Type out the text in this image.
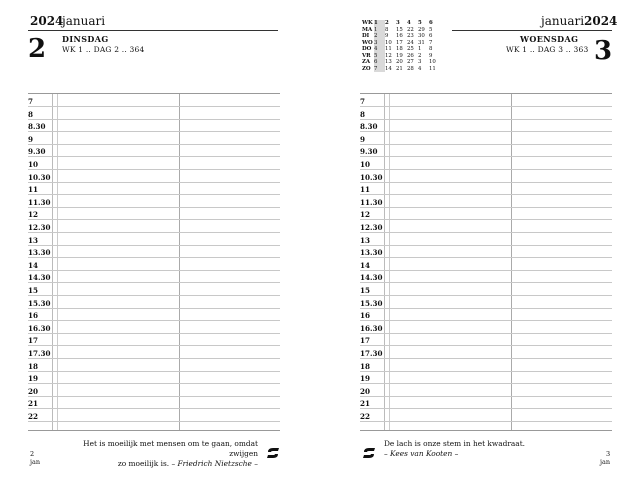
2024
januari
2 DINSDAG
WK 1 .. DAG 2 .. 364
7
8
8.30
9
9.30
10
10.30
11
11.30
12
12.30
13
13.30
14
14.30
15
15.30
16
16.30
17
17.30
18
19
20
21
22
Het is moeilijk met mensen om te gaan, omdat zwijgen
zo moeilijk is. – Friedrich Nietzsche –
2
jan
WK	1	2	3	4	5	6
MA	1	8	15	22	29	5
DI	2	9	16	23	30	6
WO	3	10	17	24	31	7
DO	4	11	18	25	1	8
VR	5	12	19	26	2	9
ZA	6	13	20	27	3	10
ZO	7	14	21	28	4	11
januari 2024
WOENSDAG
WK 1 .. DAG 3 .. 363 3
7
8
8.30
9
9.30
10
10.30
11
11.30
12
12.30
13
13.30
14
14.30
15
15.30
16
16.30
17
17.30
18
19
20
21
22
De lach is onze stem in het kwadraat.
– Kees van Kooten –	3
jan
